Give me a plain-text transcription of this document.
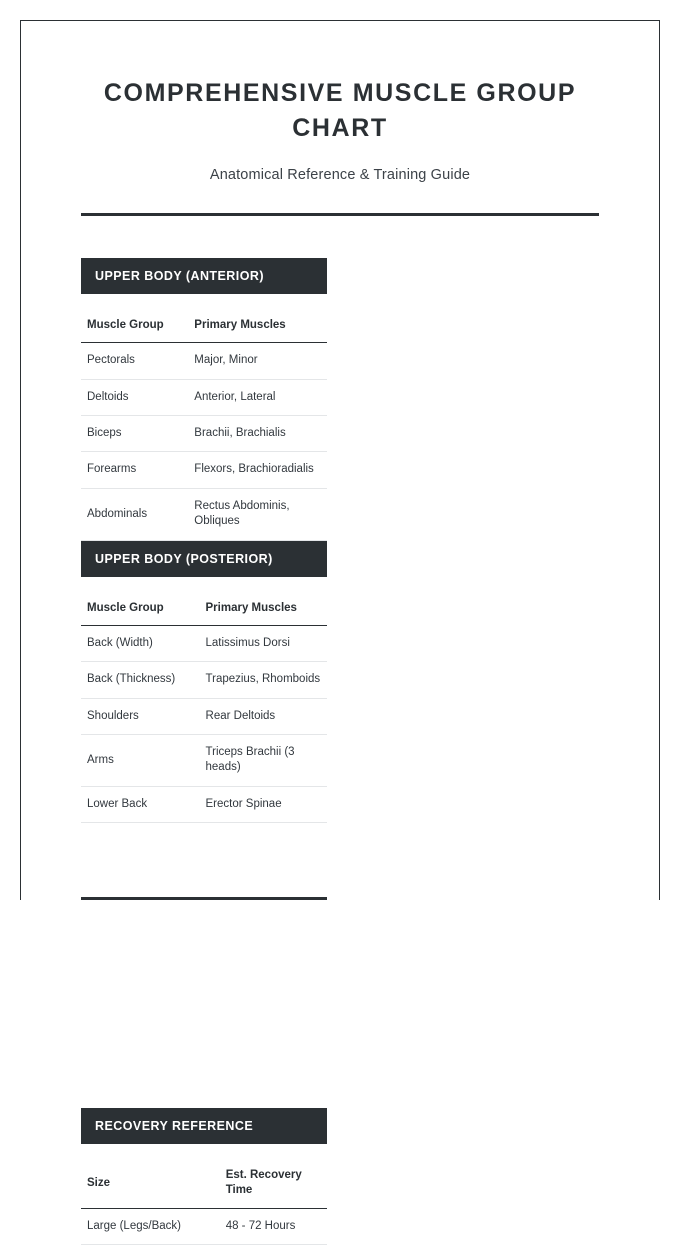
COMPREHENSIVE MUSCLE GROUP CHART

Anatomical Reference & Training Guide

UPPER BODY (ANTERIOR)
Muscle Group	Primary Muscles
Pectorals	Major, Minor
Deltoids	Anterior, Lateral
Biceps	Brachii, Brachialis
Forearms	Flexors, Brachioradialis
Abdominals	Rectus Abdominis, Obliques
UPPER BODY (POSTERIOR)
Muscle Group	Primary Muscles
Back (Width)	Latissimus Dorsi
Back (Thickness)	Trapezius, Rhomboids
Shoulders	Rear Deltoids
Arms	Triceps Brachii (3 heads)
Lower Back	Erector Spinae

RECOVERY REFERENCE
Size	Est. Recovery Time
Large (Legs/Back)	48 - 72 Hours
